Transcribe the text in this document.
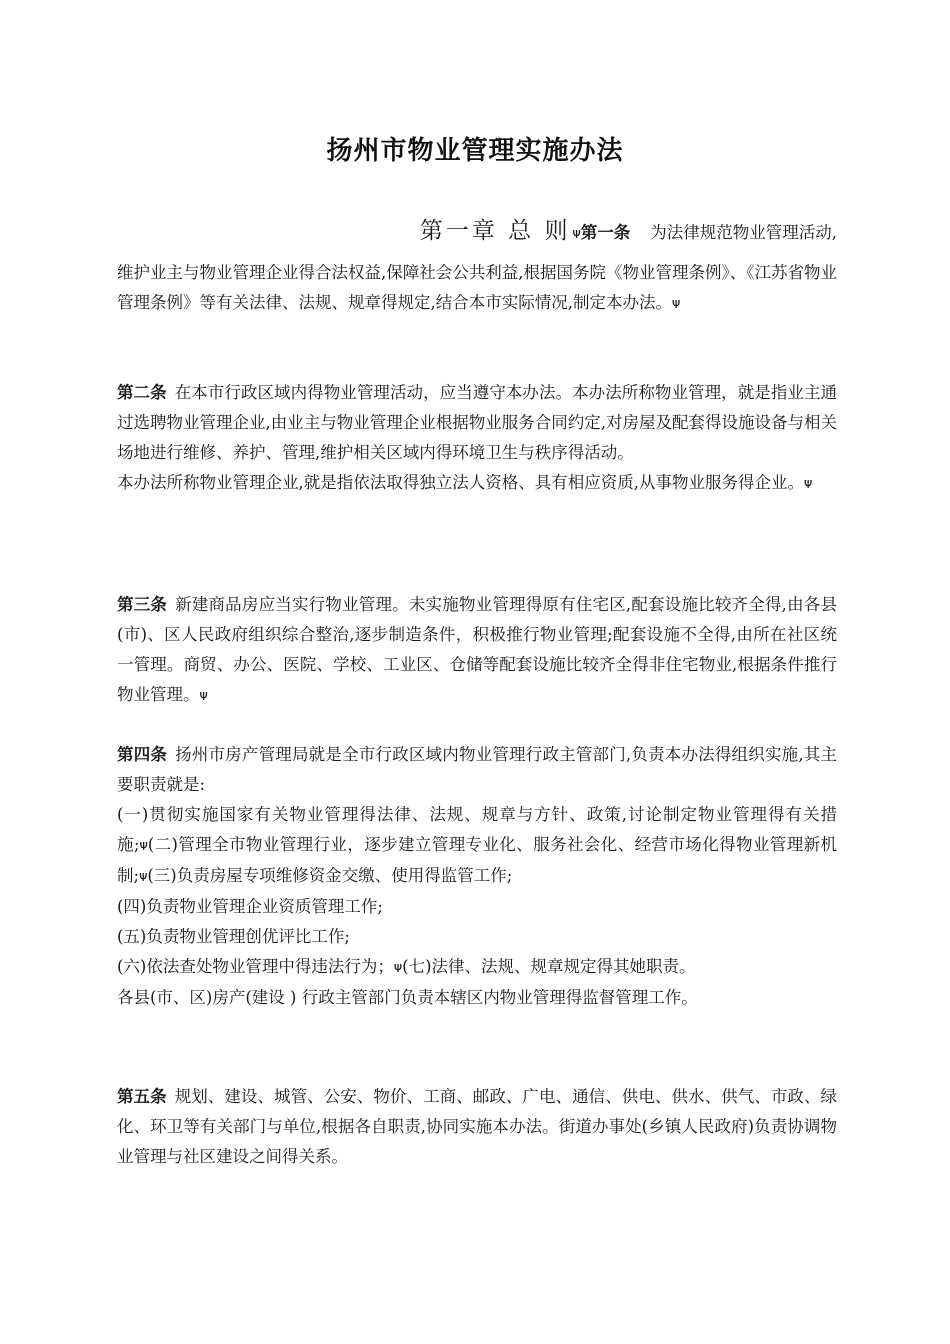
扬州市物业管理实施办法
第一章 总 则 ᴪ第一条 为法律规范物业管理活动,

维护业主与物业管理企业得合法权益,保障社会公共利益,根据国务院《物业管理条例》、《江苏省物业管理条例》等有关法律、法规、规章得规定,结合本市实际情况,制定本办法。ᴪ

第二条 在本市行政区域内得物业管理活动，应当遵守本办法。本办法所称物业管理，就是指业主通过选聘物业管理企业,由业主与物业管理企业根据物业服务合同约定,对房屋及配套得设施设备与相关场地进行维修、养护、管理,维护相关区域内得环境卫生与秩序得活动。

本办法所称物业管理企业,就是指依法取得独立法人资格、具有相应资质,从事物业服务得企业。ᴪ

第三条 新建商品房应当实行物业管理。未实施物业管理得原有住宅区,配套设施比较齐全得,由各县(市)、区人民政府组织综合整治,逐步制造条件，积极推行物业管理;配套设施不全得,由所在社区统一管理。商贸、办公、医院、学校、工业区、仓储等配套设施比较齐全得非住宅物业,根据条件推行物业管理。ᴪ

第四条 扬州市房产管理局就是全市行政区域内物业管理行政主管部门,负责本办法得组织实施,其主要职责就是:

(一)贯彻实施国家有关物业管理得法律、法规、规章与方针、政策,讨论制定物业管理得有关措施;ᴪ(二)管理全市物业管理行业，逐步建立管理专业化、服务社会化、经营市场化得物业管理新机制;ᴪ(三)负责房屋专项维修资金交缴、使用得监管工作;

(四)负责物业管理企业资质管理工作;

(五)负责物业管理创优评比工作;

(六)依法查处物业管理中得违法行为；ᴪ(七)法律、法规、规章规定得其她职责。

各县(市、区)房产(建设 ) 行政主管部门负责本辖区内物业管理得监督管理工作。

第五条 规划、建设、城管、公安、物价、工商、邮政、广电、通信、供电、供水、供气、市政、绿化、环卫等有关部门与单位,根据各自职责,协同实施本办法。街道办事处(乡镇人民政府)负责协调物业管理与社区建设之间得关系。
